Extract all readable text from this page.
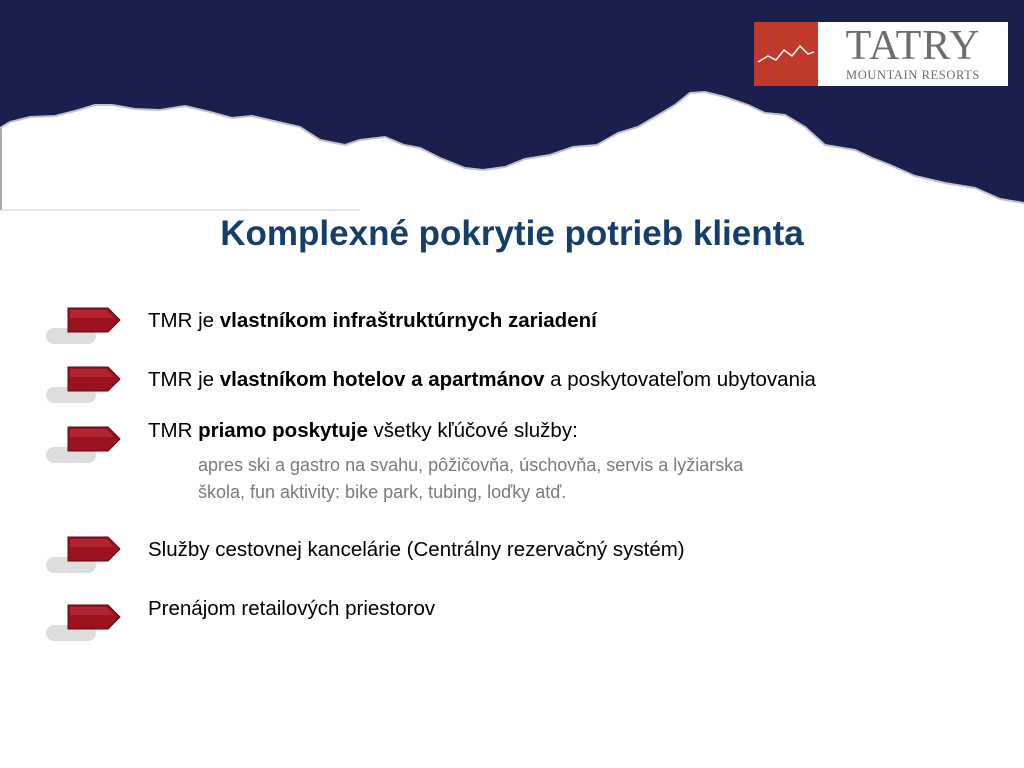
TATRY
MOUNTAIN RESORTS
Komplexné pokrytie potrieb klienta
TMR je vlastníkom infraštruktúrnych zariadení
TMR je vlastníkom hotelov a apartmánov a poskytovateľom ubytovania
TMR priamo poskytuje všetky kľúčové služby:
apres ski a gastro na svahu, pôžičovňa, úschovňa, servis a lyžiarska
škola, fun aktivity: bike park, tubing, loďky atď.
Služby cestovnej kancelárie (Centrálny rezervačný systém)
Prenájom retailových priestorov
